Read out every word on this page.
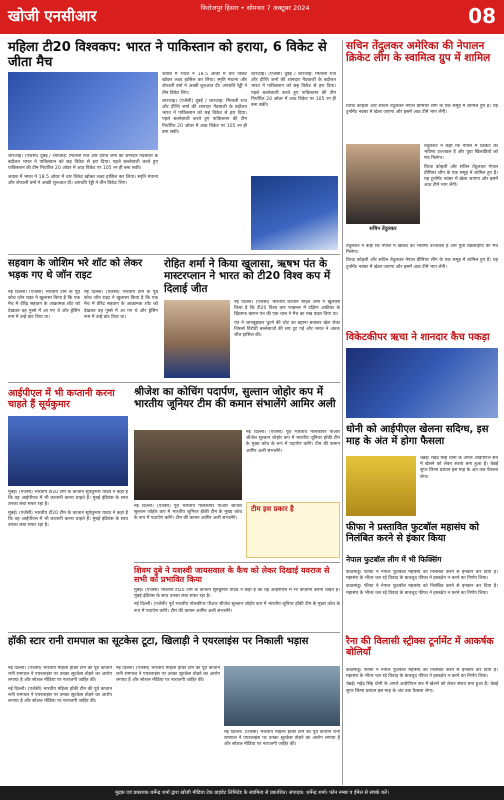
खोजी एनसीआर	फिरोजपुर हिसार • सोमवार 7 अक्टूबर 2024	08
महिला टी20 विश्वकप: भारत ने पाकिस्तान को हराया, 6 विकेट से जीता मैच

शारजाह। (एजेंसी) दुबई / शारजाह: मिताली राज और दीप्ति शर्मा की शानदार गेंदबाजी के बदौलत भारत ने पाकिस्तान को छह विकेट से हरा दिया। पहले बल्लेबाजी करते हुए पाकिस्तान की टीम निर्धारित 20 ओवर में आठ विकेट पर 105 रन ही बना सकी।

जवाब में भारत ने 18.5 ओवर में चार विकेट खोकर लक्ष्य हासिल कर लिया। स्मृति मंधाना और शेफाली वर्मा ने अच्छी शुरुआत दी। अरुंधति रेड्डी ने तीन विकेट लिए।

जवाब में भारत ने 18.5 ओवर में चार विकेट खोकर लक्ष्य हासिल कर लिया। स्मृति मंधाना और शेफाली वर्मा ने अच्छी शुरुआत दी। अरुंधति रेड्डी ने तीन विकेट लिए।

शारजाह। (एजेंसी) दुबई / शारजाह: मिताली राज और दीप्ति शर्मा की शानदार गेंदबाजी के बदौलत भारत ने पाकिस्तान को छह विकेट से हरा दिया। पहले बल्लेबाजी करते हुए पाकिस्तान की टीम निर्धारित 20 ओवर में आठ विकेट पर 105 रन ही बना सकी।

शारजाह। (एजेंसी) दुबई / शारजाह: मिताली राज और दीप्ति शर्मा की शानदार गेंदबाजी के बदौलत भारत ने पाकिस्तान को छह विकेट से हरा दिया। पहले बल्लेबाजी करते हुए पाकिस्तान की टीम निर्धारित 20 ओवर में आठ विकेट पर 105 रन ही बना सकी।

सचिन तेंदुलकर अमेरिका की नेपालन क्रिकेट लीग के स्वामित्व ग्रुप में शामिल

विराट कोहली और सचिन तेंदुलकर नेपाल प्रीमियर लीग के एक समूह में शामिल हुए हैं। यह टूर्नामेंट नवंबर में खेला जाएगा और इसमें आठ टीमें भाग लेंगी।

सचिन तेंदुलकर

तेंदुलकर ने कहा कि नेपाल में क्रिकेट का भविष्य उज्जवल है और युवा खिलाड़ियों को मंच मिलेगा।

विराट कोहली और सचिन तेंदुलकर नेपाल प्रीमियर लीग के एक समूह में शामिल हुए हैं। यह टूर्नामेंट नवंबर में खेला जाएगा और इसमें आठ टीमें भाग लेंगी।

सहवाग के जोशिम भरे शॉट को लेकर भड़क गए थे जॉन राइट

नई दिल्ली। (एजेंसी) भारतीय टीम के पूर्व कोच जॉन राइट ने खुलासा किया है कि एक मैच में वीरेंद्र सहवाग के आक्रामक शॉट को देखकर वह गुस्से में आ गए थे और ड्रेसिंग रूम में उन्हें डांट दिया था।

नई दिल्ली। (एजेंसी) भारतीय टीम के पूर्व कोच जॉन राइट ने खुलासा किया है कि एक मैच में वीरेंद्र सहवाग के आक्रामक शॉट को देखकर वह गुस्से में आ गए थे और ड्रेसिंग रूम में उन्हें डांट दिया था।

रोहित शर्मा ने किया खुलासा, ऋषभ पंत के मास्टरप्लान ने भारत को टी20 विश्व कप में दिलाई जीत

नई दिल्ली। (एजेंसी) भारतीय कप्तान रोहित शर्मा ने खुलासा किया है कि टी20 विश्व कप फाइनल में दक्षिण अफ्रीका के खिलाफ ऋषभ पंत की एक चाल ने मैच का रुख बदल दिया था।

पंत ने जानबूझकर घुटने की चोट का बहाना बनाकर खेल रोका जिससे विरोधी बल्लेबाजों की लय टूट गई और भारत ने अंततः जीत हासिल की।

तेंदुलकर ने कहा कि नेपाल में क्रिकेट का भविष्य उज्जवल है और युवा खिलाड़ियों को मंच मिलेगा।

विराट कोहली और सचिन तेंदुलकर नेपाल प्रीमियर लीग के एक समूह में शामिल हुए हैं। यह टूर्नामेंट नवंबर में खेला जाएगा और इसमें आठ टीमें भाग लेंगी।

विकेटकीपर ऋचा ने शानदार कैच पकड़ा
आईपीएल में भी कप्तानी करना चाहते हैं सूर्यकुमार

मुंबई। (एजेंसी) भारतीय टी20 टीम के कप्तान सूर्यकुमार यादव ने कहा है कि वह आईपीएल में भी कप्तानी करना चाहते हैं। मुंबई इंडियंस के साथ उनका लंबा सफर रहा है।

मुंबई। (एजेंसी) भारतीय टी20 टीम के कप्तान सूर्यकुमार यादव ने कहा है कि वह आईपीएल में भी कप्तानी करना चाहते हैं। मुंबई इंडियंस के साथ उनका लंबा सफर रहा है।

श्रीजेश का कोचिंग पदार्पण, सुल्तान जोहोर कप में भारतीय जूनियर टीम की कमान संभालेंगे आमिर अली

नई दिल्ली। (एजेंसी) पूर्व भारतीय गोलकीपर पीआर श्रीजेश सुल्तान जोहोर कप में भारतीय जूनियर हॉकी टीम के मुख्य कोच के रूप में पदार्पण करेंगे। टीम की कमान आमिर अली संभालेंगे।

टीम इस प्रकार है

नई दिल्ली। (एजेंसी) पूर्व भारतीय गोलकीपर पीआर श्रीजेश सुल्तान जोहोर कप में भारतीय जूनियर हॉकी टीम के मुख्य कोच के रूप में पदार्पण करेंगे। टीम की कमान आमिर अली संभालेंगे।

धोनी को आईपीएल खेलना सदिग्ध, इस माह के अंत में होगा फैसला

चेन्नई। महेंद्र सिंह धोनी के अगले आईपीएल सत्र में खेलने को लेकर संशय बना हुआ है। चेन्नई सुपर किंग्स प्रबंधन इस माह के अंत तक फैसला लेगा।

शिवम दुबे ने यशस्वी जायसवाल के कैच को लेकर दिखाई यवराज से सभी को प्रभावित किया

मुंबई। (एजेंसी) भारतीय टी20 टीम के कप्तान सूर्यकुमार यादव ने कहा है कि वह आईपीएल में भी कप्तानी करना चाहते हैं। मुंबई इंडियंस के साथ उनका लंबा सफर रहा है।

नई दिल्ली। (एजेंसी) पूर्व भारतीय गोलकीपर पीआर श्रीजेश सुल्तान जोहोर कप में भारतीय जूनियर हॉकी टीम के मुख्य कोच के रूप में पदार्पण करेंगे। टीम की कमान आमिर अली संभालेंगे।

फीफा ने प्रस्तावित फुटबॉल महासंघ को निलंबित करने से इंकार किया
नेपाल फुटबॉल लीग में भी फिक्सिंग

काठमांडू। फीफा ने नेपाल फुटबॉल महासंघ को निलंबित करने से इनकार कर दिया है। महासंघ के भीतर चल रहे विवाद के बावजूद फीफा ने हस्तक्षेप न करने का निर्णय लिया।

काठमांडू। फीफा ने नेपाल फुटबॉल महासंघ को निलंबित करने से इनकार कर दिया है। महासंघ के भीतर चल रहे विवाद के बावजूद फीफा ने हस्तक्षेप न करने का निर्णय लिया।

हॉकी स्टार रानी रामपाल का सूटकेस टूटा, खिलाड़ी ने एयरलाइंस पर निकाली भड़ास

नई दिल्ली। (एजेंसी) भारतीय महिला हॉकी टीम की पूर्व कप्तान रानी रामपाल ने एयरलाइंस पर उनका सूटकेस तोड़ने का आरोप लगाया है और सोशल मीडिया पर नाराजगी जाहिर की।

नई दिल्ली। (एजेंसी) भारतीय महिला हॉकी टीम की पूर्व कप्तान रानी रामपाल ने एयरलाइंस पर उनका सूटकेस तोड़ने का आरोप लगाया है और सोशल मीडिया पर नाराजगी जाहिर की।

नई दिल्ली। (एजेंसी) भारतीय महिला हॉकी टीम की पूर्व कप्तान रानी रामपाल ने एयरलाइंस पर उनका सूटकेस तोड़ने का आरोप लगाया है और सोशल मीडिया पर नाराजगी जाहिर की।

नई दिल्ली। (एजेंसी) भारतीय महिला हॉकी टीम की पूर्व कप्तान रानी रामपाल ने एयरलाइंस पर उनका सूटकेस तोड़ने का आरोप लगाया है और सोशल मीडिया पर नाराजगी जाहिर की।

रैना की विलासी स्ट्रीक्स टूर्नामेंट में आकर्षक बोलियाँ

काठमांडू। फीफा ने नेपाल फुटबॉल महासंघ को निलंबित करने से इनकार कर दिया है। महासंघ के भीतर चल रहे विवाद के बावजूद फीफा ने हस्तक्षेप न करने का निर्णय लिया।

चेन्नई। महेंद्र सिंह धोनी के अगले आईपीएल सत्र में खेलने को लेकर संशय बना हुआ है। चेन्नई सुपर किंग्स प्रबंधन इस माह के अंत तक फैसला लेगा।

मुद्रक एवं प्रकाशक धर्मेन्द्र शर्मा द्वारा खोजी मीडिया टेक प्राइवेट लिमिटेड के स्वामित्व से प्रकाशित। संपादक: धर्मेन्द्र शर्मा। फोन नम्बर व ईमेल से संपर्क करें।
